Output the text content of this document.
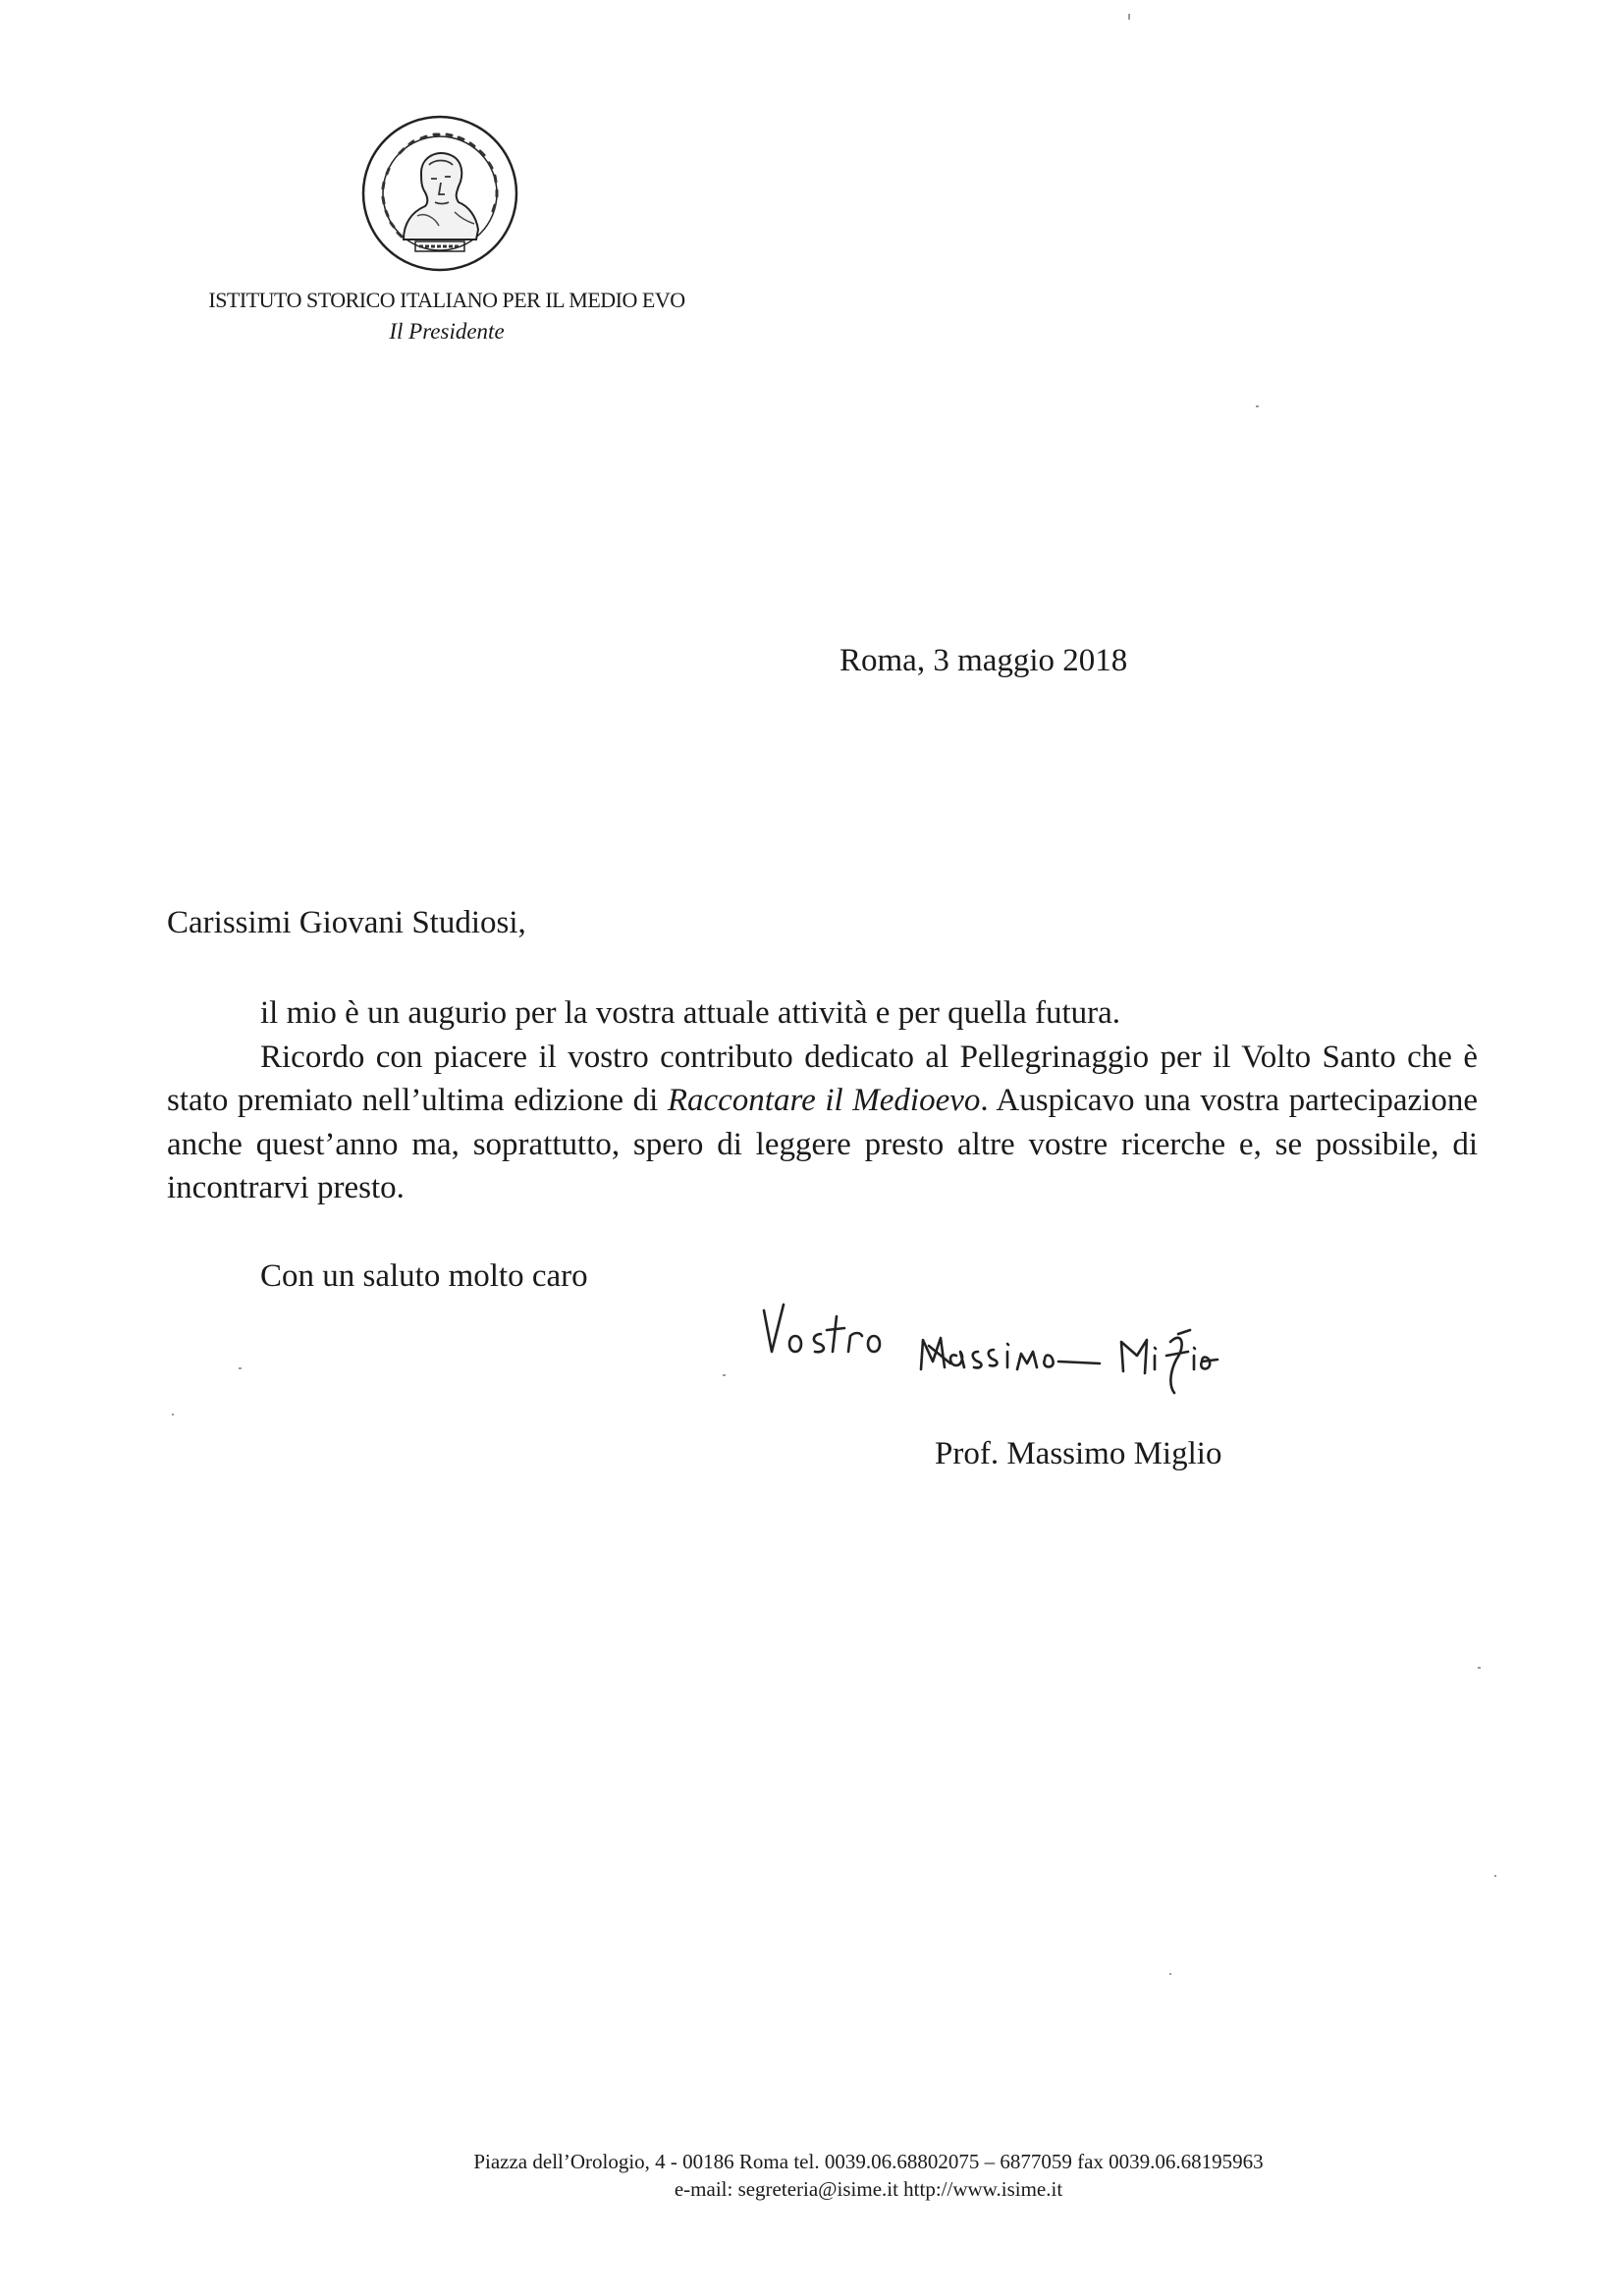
ISTITUTO STORICO ITALIANO PER IL MEDIO EVO
Il Presidente
Roma, 3 maggio 2018
Carissimi Giovani Studiosi,

il mio è un augurio per la vostra attuale attività e per quella futura.

Ricordo con piacere il vostro contributo dedicato al Pellegrinaggio per il Volto Santo che è stato premiato nell’ultima edizione di Raccontare il Medioevo. Auspicavo una vostra partecipazione anche quest’anno ma, soprattutto, spero di leggere presto altre vostre ricerche e, se possibile, di incontrarvi presto.

Con un saluto molto caro
Prof. Massimo Miglio
Piazza dell’Orologio, 4 - 00186 Roma tel. 0039.06.68802075 – 6877059 fax 0039.06.68195963
e-mail: segreteria@isime.it http://www.isime.it
